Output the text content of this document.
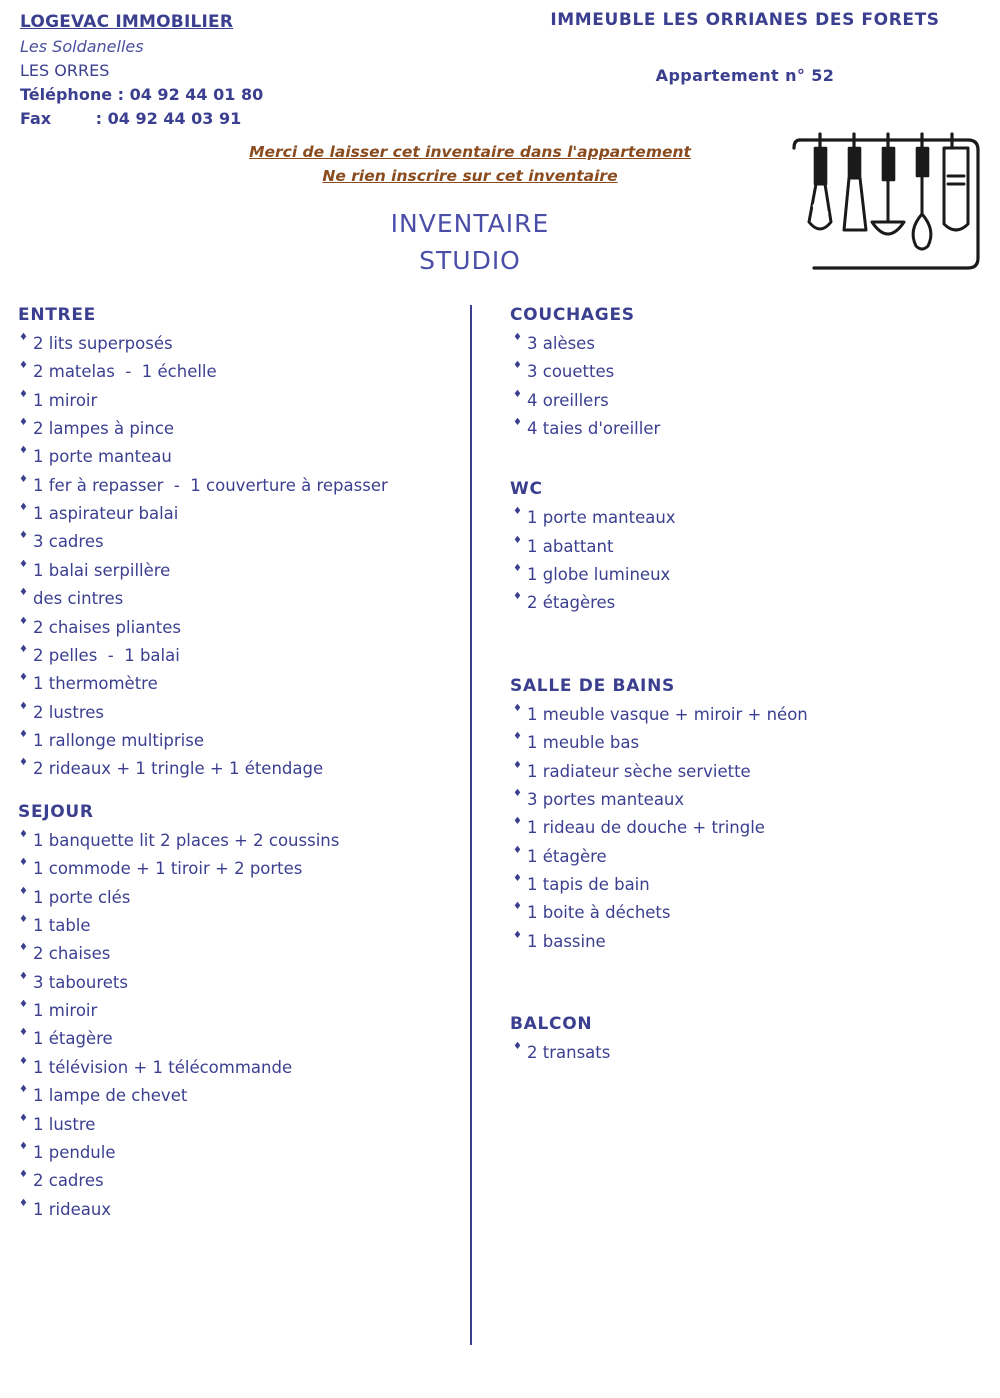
LOGEVAC IMMOBILIER
Les Soldanelles
LES ORRES
Téléphone : 04 92 44 01 80
Fax        : 04 92 44 03 91
IMMEUBLE LES ORRIANES DES FORETS
Appartement n° 52
Merci de laisser cet inventaire dans l'appartement
Ne rien inscrire sur cet inventaire
INVENTAIRE
STUDIO
ENTREE
♦ 2 lits superposés
♦ 2 matelas  -  1 échelle
♦ 1 miroir
♦ 2 lampes à pince
♦ 1 porte manteau
♦ 1 fer à repasser  -  1 couverture à repasser
♦ 1 aspirateur balai
♦ 3 cadres
♦ 1 balai serpillère
♦ des cintres
♦ 2 chaises pliantes
♦ 2 pelles  -  1 balai
♦ 1 thermomètre
♦ 2 lustres
♦ 1 rallonge multiprise
♦ 2 rideaux + 1 tringle + 1 étendage
SEJOUR
♦ 1 banquette lit 2 places + 2 coussins
♦ 1 commode + 1 tiroir + 2 portes
♦ 1 porte clés
♦ 1 table
♦ 2 chaises
♦ 3 tabourets
♦ 1 miroir
♦ 1 étagère
♦ 1 télévision + 1 télécommande
♦ 1 lampe de chevet
♦ 1 lustre
♦ 1 pendule
♦ 2 cadres
♦ 1 rideaux
COUCHAGES
♦ 3 alèses
♦ 3 couettes
♦ 4 oreillers
♦ 4 taies d'oreiller
WC
♦ 1 porte manteaux
♦ 1 abattant
♦ 1 globe lumineux
♦ 2 étagères
SALLE DE BAINS
♦ 1 meuble vasque + miroir + néon
♦ 1 meuble bas
♦ 1 radiateur sèche serviette
♦ 3 portes manteaux
♦ 1 rideau de douche + tringle
♦ 1 étagère
♦ 1 tapis de bain
♦ 1 boite à déchets
♦ 1 bassine
BALCON
♦ 2 transats
